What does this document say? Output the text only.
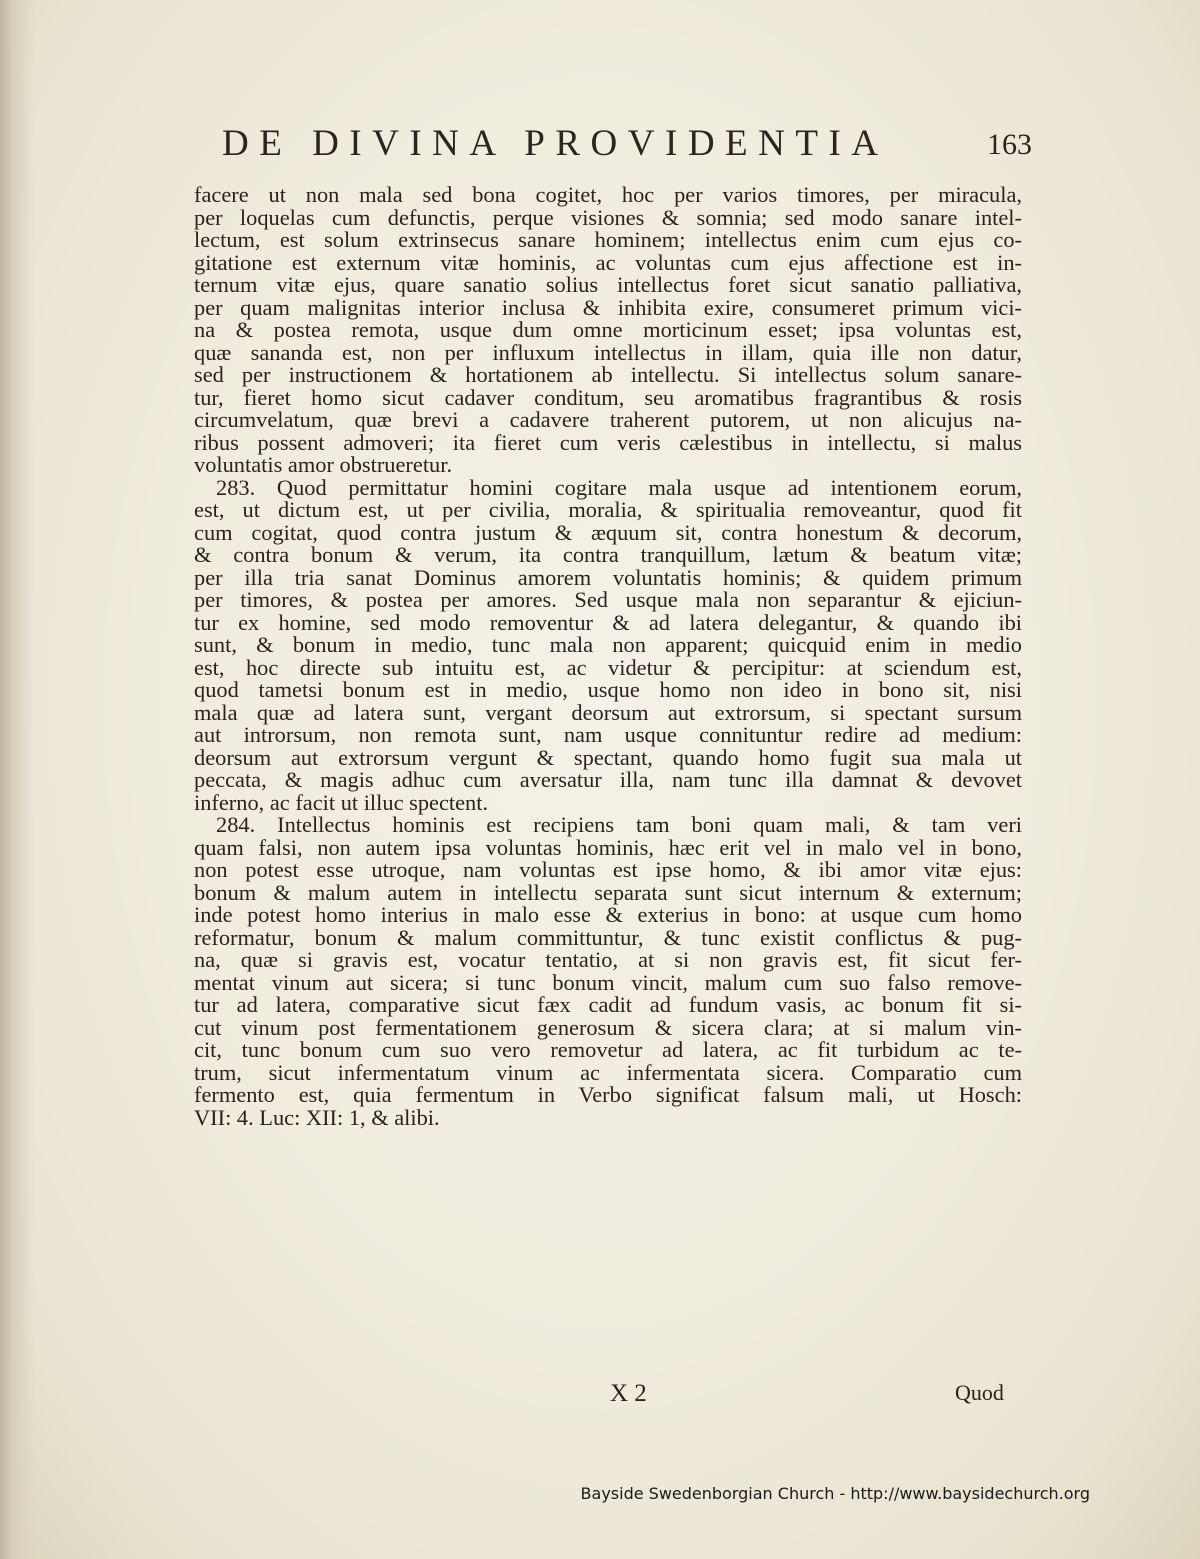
DE DIVINA PROVIDENTIA	163
facere ut non mala sed bona cogitet, hoc per varios timores, per miracula,
per loquelas cum defunctis, perque visiones & somnia; sed modo sanare intel-
lectum, est solum extrinsecus sanare hominem; intellectus enim cum ejus co-
gitatione est externum vitæ hominis, ac voluntas cum ejus affectione est in-
ternum vitæ ejus, quare sanatio solius intellectus foret sicut sanatio palliativa,
per quam malignitas interior inclusa & inhibita exire, consumeret primum vici-
na & postea remota, usque dum omne morticinum esset; ipsa voluntas est,
quæ sananda est, non per influxum intellectus in illam, quia ille non datur,
sed per instructionem & hortationem ab intellectu. Si intellectus solum sanare-
tur, fieret homo sicut cadaver conditum, seu aromatibus fragrantibus & rosis
circumvelatum, quæ brevi a cadavere traherent putorem, ut non alicujus na-
ribus possent admoveri; ita fieret cum veris cælestibus in intellectu, si malus
voluntatis amor obstrueretur.
283. Quod permittatur homini cogitare mala usque ad intentionem eorum,
est, ut dictum est, ut per civilia, moralia, & spiritualia removeantur, quod fit
cum cogitat, quod contra justum & æquum sit, contra honestum & decorum,
& contra bonum & verum, ita contra tranquillum, lætum & beatum vitæ;
per illa tria sanat Dominus amorem voluntatis hominis; & quidem primum
per timores, & postea per amores. Sed usque mala non separantur & ejiciun-
tur ex homine, sed modo removentur & ad latera delegantur, & quando ibi
sunt, & bonum in medio, tunc mala non apparent; quicquid enim in medio
est, hoc directe sub intuitu est, ac videtur & percipitur: at sciendum est,
quod tametsi bonum est in medio, usque homo non ideo in bono sit, nisi
mala quæ ad latera sunt, vergant deorsum aut extrorsum, si spectant sursum
aut introrsum, non remota sunt, nam usque connituntur redire ad medium:
deorsum aut extrorsum vergunt & spectant, quando homo fugit sua mala ut
peccata, & magis adhuc cum aversatur illa, nam tunc illa damnat & devovet
inferno, ac facit ut illuc spectent.
284. Intellectus hominis est recipiens tam boni quam mali, & tam veri
quam falsi, non autem ipsa voluntas hominis, hæc erit vel in malo vel in bono,
non potest esse utroque, nam voluntas est ipse homo, & ibi amor vitæ ejus:
bonum & malum autem in intellectu separata sunt sicut internum & externum;
inde potest homo interius in malo esse & exterius in bono: at usque cum homo
reformatur, bonum & malum committuntur, & tunc existit conflictus & pug-
na, quæ si gravis est, vocatur tentatio, at si non gravis est, fit sicut fer-
mentat vinum aut sicera; si tunc bonum vincit, malum cum suo falso remove-
tur ad latera, comparative sicut fæx cadit ad fundum vasis, ac bonum fit si-
cut vinum post fermentationem generosum & sicera clara; at si malum vin-
cit, tunc bonum cum suo vero removetur ad latera, ac fit turbidum ac te-
trum, sicut infermentatum vinum ac infermentata sicera. Comparatio cum
fermento est, quia fermentum in Verbo significat falsum mali, ut Hosch:
VII: 4. Luc: XII: 1, & alibi.
X 2	Quod
Bayside Swedenborgian Church - http://www.baysidechurch.org
